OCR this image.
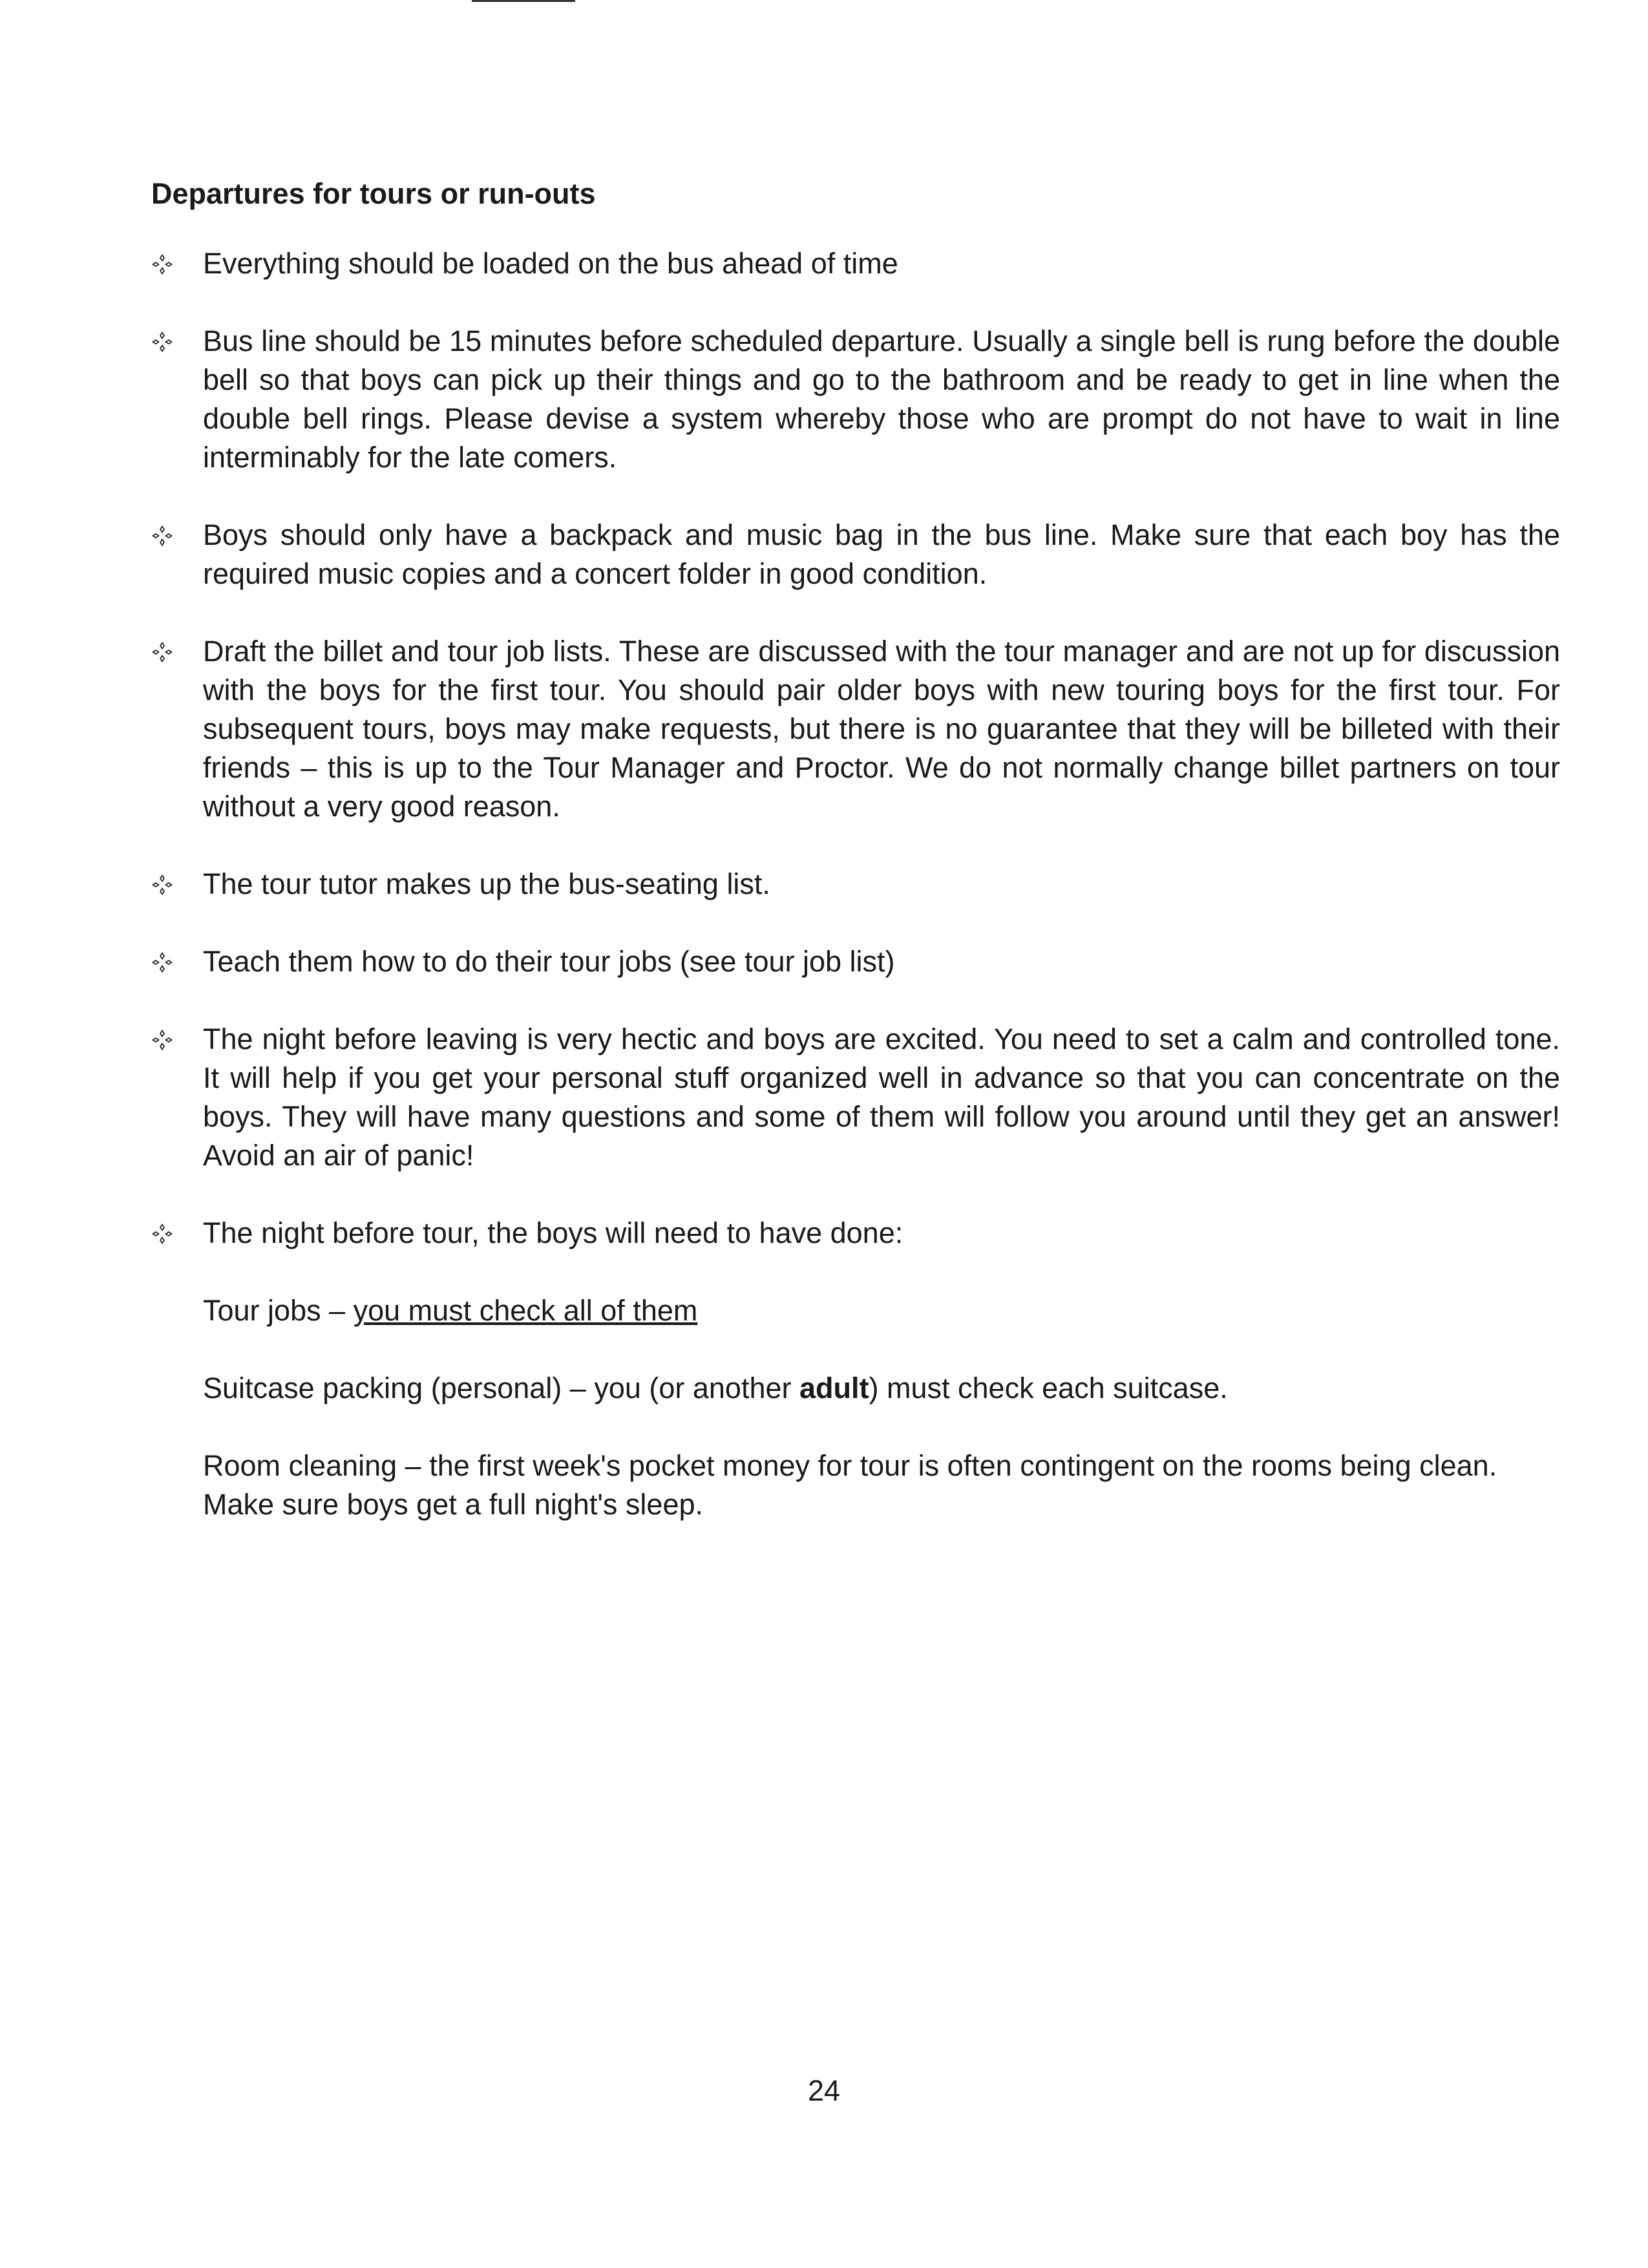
Departures for tours or run-outs
Everything should be loaded on the bus ahead of time
Bus line should be 15 minutes before scheduled departure. Usually a single bell is rung before the double bell so that boys can pick up their things and go to the bathroom and be ready to get in line when the double bell rings. Please devise a system whereby those who are prompt do not have to wait in line interminably for the late comers.
Boys should only have a backpack and music bag in the bus line. Make sure that each boy has the required music copies and a concert folder in good condition.
Draft the billet and tour job lists. These are discussed with the tour manager and are not up for discussion with the boys for the first tour. You should pair older boys with new touring boys for the first tour. For subsequent tours, boys may make requests, but there is no guarantee that they will be billeted with their friends – this is up to the Tour Manager and Proctor. We do not normally change billet partners on tour without a very good reason.
The tour tutor makes up the bus-seating list.
Teach them how to do their tour jobs (see tour job list)
The night before leaving is very hectic and boys are excited. You need to set a calm and controlled tone. It will help if you get your personal stuff organized well in advance so that you can concentrate on the boys. They will have many questions and some of them will follow you around until they get an answer! Avoid an air of panic!
The night before tour, the boys will need to have done:

Tour jobs – you must check all of them

Suitcase packing (personal) – you (or another adult) must check each suitcase.

Room cleaning – the first week's pocket money for tour is often contingent on the rooms being clean. Make sure boys get a full night's sleep.

24
